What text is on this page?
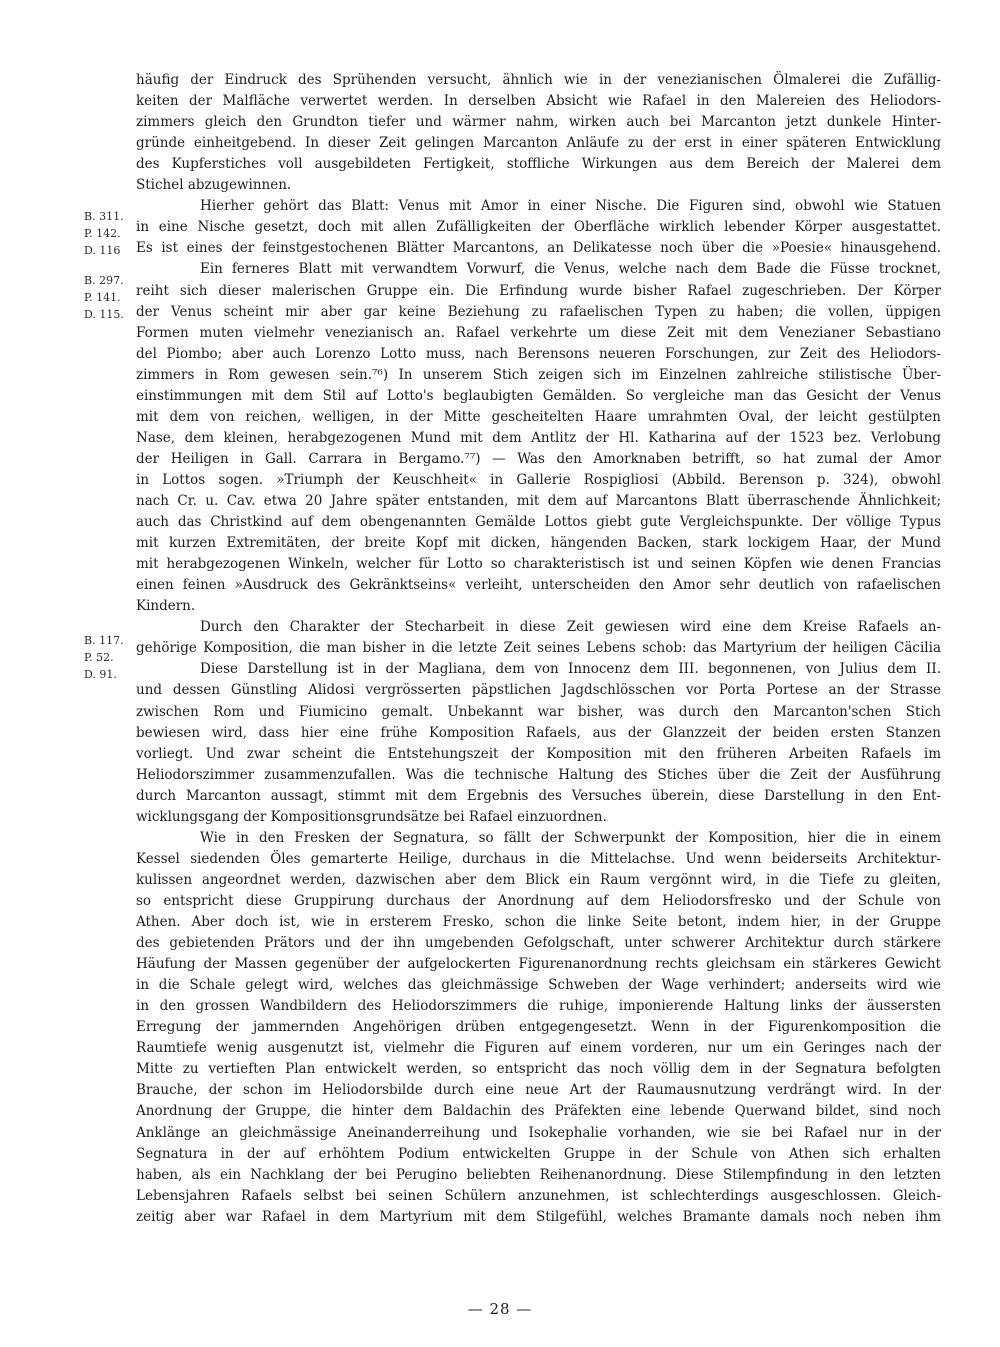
häufig der Eindruck des Sprühenden versucht, ähnlich wie in der venezianischen Ölmalerei die Zufällig-
keiten der Malfläche verwertet werden. In derselben Absicht wie Rafael in den Malereien des Heliodors-
zimmers gleich den Grundton tiefer und wärmer nahm, wirken auch bei Marcanton jetzt dunkele Hinter-
gründe einheitgebend. In dieser Zeit gelingen Marcanton Anläufe zu der erst in einer späteren Entwicklung
des Kupferstiches voll ausgebildeten Fertigkeit, stoffliche Wirkungen aus dem Bereich der Malerei dem
Stichel abzugewinnen.
Hierher gehört das Blatt: Venus mit Amor in einer Nische. Die Figuren sind, obwohl wie Statuen
in eine Nische gesetzt, doch mit allen Zufälligkeiten der Oberfläche wirklich lebender Körper ausgestattet.
Es ist eines der feinstgestochenen Blätter Marcantons, an Delikatesse noch über die »Poesie« hinausgehend.
Ein ferneres Blatt mit verwandtem Vorwurf, die Venus, welche nach dem Bade die Füsse trocknet,
reiht sich dieser malerischen Gruppe ein. Die Erfindung wurde bisher Rafael zugeschrieben. Der Körper
der Venus scheint mir aber gar keine Beziehung zu rafaelischen Typen zu haben; die vollen, üppigen
Formen muten vielmehr venezianisch an. Rafael verkehrte um diese Zeit mit dem Venezianer Sebastiano
del Piombo; aber auch Lorenzo Lotto muss, nach Berensons neueren Forschungen, zur Zeit des Heliodors-
zimmers in Rom gewesen sein.⁷⁶) In unserem Stich zeigen sich im Einzelnen zahlreiche stilistische Über-
einstimmungen mit dem Stil auf Lotto's beglaubigten Gemälden. So vergleiche man das Gesicht der Venus
mit dem von reichen, welligen, in der Mitte gescheitelten Haare umrahmten Oval, der leicht gestülpten
Nase, dem kleinen, herabgezogenen Mund mit dem Antlitz der Hl. Katharina auf der 1523 bez. Verlobung
der Heiligen in Gall. Carrara in Bergamo.⁷⁷) — Was den Amorknaben betrifft, so hat zumal der Amor
in Lottos sogen. »Triumph der Keuschheit« in Gallerie Rospigliosi (Abbild. Berenson p. 324), obwohl
nach Cr. u. Cav. etwa 20 Jahre später entstanden, mit dem auf Marcantons Blatt überraschende Ähnlichkeit;
auch das Christkind auf dem obengenannten Gemälde Lottos giebt gute Vergleichspunkte. Der völlige Typus
mit kurzen Extremitäten, der breite Kopf mit dicken, hängenden Backen, stark lockigem Haar, der Mund
mit herabgezogenen Winkeln, welcher für Lotto so charakteristisch ist und seinen Köpfen wie denen Francias
einen feinen »Ausdruck des Gekränktseins« verleiht, unterscheiden den Amor sehr deutlich von rafaelischen
Kindern.
Durch den Charakter der Stecharbeit in diese Zeit gewiesen wird eine dem Kreise Rafaels an-
gehörige Komposition, die man bisher in die letzte Zeit seines Lebens schob: das Martyrium der heiligen Cäcilia
Diese Darstellung ist in der Magliana, dem von Innocenz dem III. begonnenen, von Julius dem II.
und dessen Günstling Alidosi vergrösserten päpstlichen Jagdschlösschen vor Porta Portese an der Strasse
zwischen Rom und Fiumicino gemalt. Unbekannt war bisher, was durch den Marcanton'schen Stich
bewiesen wird, dass hier eine frühe Komposition Rafaels, aus der Glanzzeit der beiden ersten Stanzen
vorliegt. Und zwar scheint die Entstehungszeit der Komposition mit den früheren Arbeiten Rafaels im
Heliodorszimmer zusammenzufallen. Was die technische Haltung des Stiches über die Zeit der Ausführung
durch Marcanton aussagt, stimmt mit dem Ergebnis des Versuches überein, diese Darstellung in den Ent-
wicklungsgang der Kompositionsgrundsätze bei Rafael einzuordnen.
Wie in den Fresken der Segnatura, so fällt der Schwerpunkt der Komposition, hier die in einem
Kessel siedenden Öles gemarterte Heilige, durchaus in die Mittelachse. Und wenn beiderseits Architektur-
kulissen angeordnet werden, dazwischen aber dem Blick ein Raum vergönnt wird, in die Tiefe zu gleiten,
so entspricht diese Gruppirung durchaus der Anordnung auf dem Heliodorsfresko und der Schule von
Athen. Aber doch ist, wie in ersterem Fresko, schon die linke Seite betont, indem hier, in der Gruppe
des gebietenden Prätors und der ihn umgebenden Gefolgschaft, unter schwerer Architektur durch stärkere
Häufung der Massen gegenüber der aufgelockerten Figurenanordnung rechts gleichsam ein stärkeres Gewicht
in die Schale gelegt wird, welches das gleichmässige Schweben der Wage verhindert; anderseits wird wie
in den grossen Wandbildern des Heliodorszimmers die ruhige, imponierende Haltung links der äussersten
Erregung der jammernden Angehörigen drüben entgegengesetzt. Wenn in der Figurenkomposition die
Raumtiefe wenig ausgenutzt ist, vielmehr die Figuren auf einem vorderen, nur um ein Geringes nach der
Mitte zu vertieften Plan entwickelt werden, so entspricht das noch völlig dem in der Segnatura befolgten
Brauche, der schon im Heliodorsbilde durch eine neue Art der Raumausnutzung verdrängt wird. In der
Anordnung der Gruppe, die hinter dem Baldachin des Präfekten eine lebende Querwand bildet, sind noch
Anklänge an gleichmässige Aneinanderreihung und Isokephalie vorhanden, wie sie bei Rafael nur in der
Segnatura in der auf erhöhtem Podium entwickelten Gruppe in der Schule von Athen sich erhalten
haben, als ein Nachklang der bei Perugino beliebten Reihenanordnung. Diese Stilempfindung in den letzten
Lebensjahren Rafaels selbst bei seinen Schülern anzunehmen, ist schlechterdings ausgeschlossen. Gleich-
zeitig aber war Rafael in dem Martyrium mit dem Stilgefühl, welches Bramante damals noch neben ihm
B. 311.
P. 142.
D. 116
B. 297.
P. 141.
D. 115.
B. 117.
P. 52.
D. 91.
— 28 —
